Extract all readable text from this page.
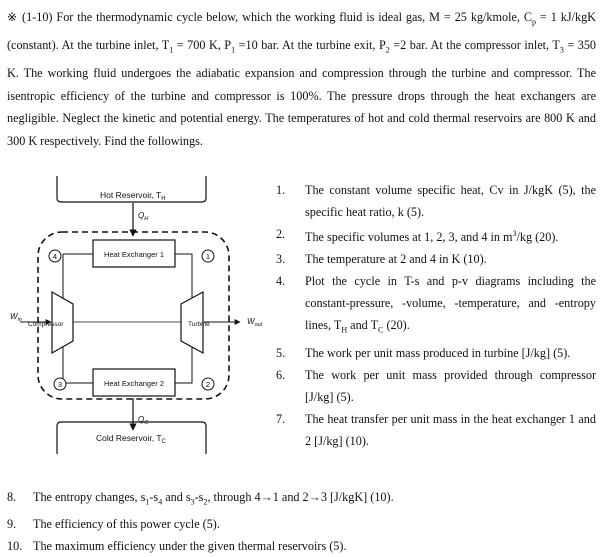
※ (1-10) For the thermodynamic cycle below, which the working fluid is ideal gas, M = 25 kg/kmole, $C_p = 1$ kJ/kgK (constant). At the turbine inlet, $T_1 = 700$ K, $P_1 =10$ bar. At the turbine exit, $P_2 =2$ bar. At the compressor inlet, $T_3 = 350$ K. The working fluid undergoes the adiabatic expansion and compression through the turbine and compressor. The isentropic efficiency of the turbine and compressor is 100%. The pressure drops through the heat exchangers are negligible. Neglect the kinetic and potential energy. The temperatures of hot and cold thermal reservoirs are 800 K and 300 K respectively. Find the followings.

Hot Reservoir, $T_H$
$Q_H$
Heat Exchanger 1
Heat Exchanger 2
Compressor	Turbine
$W_{in}$	$W_{out}$
4	1
3	2
$Q_C$
Cold Reservoir, $T_C$
1. The constant volume specific heat, Cv in J/kgK (5), the specific heat ratio, k (5).
2. The specific volumes at 1, 2, 3, and 4 in $m^3/kg$ (20).
3. The temperature at 2 and 4 in K (10).
4. Plot the cycle in T-s and p-v diagrams including the constant-pressure, -volume, -temperature, and -entropy lines, $T_H$ and $T_C$ (20).
5. The work per unit mass produced in turbine [J/kg] (5).
6. The work per unit mass provided through compressor [J/kg] (5).
7. The heat transfer per unit mass in the heat exchanger 1 and 2 [J/kg] (10).
8. The entropy changes, $s_1-s_4$ and $s_3-s_2$, through 4→1 and 2→3 [J/kgK] (10).
9. The efficiency of this power cycle (5).
10. The maximum efficiency under the given thermal reservoirs (5).
